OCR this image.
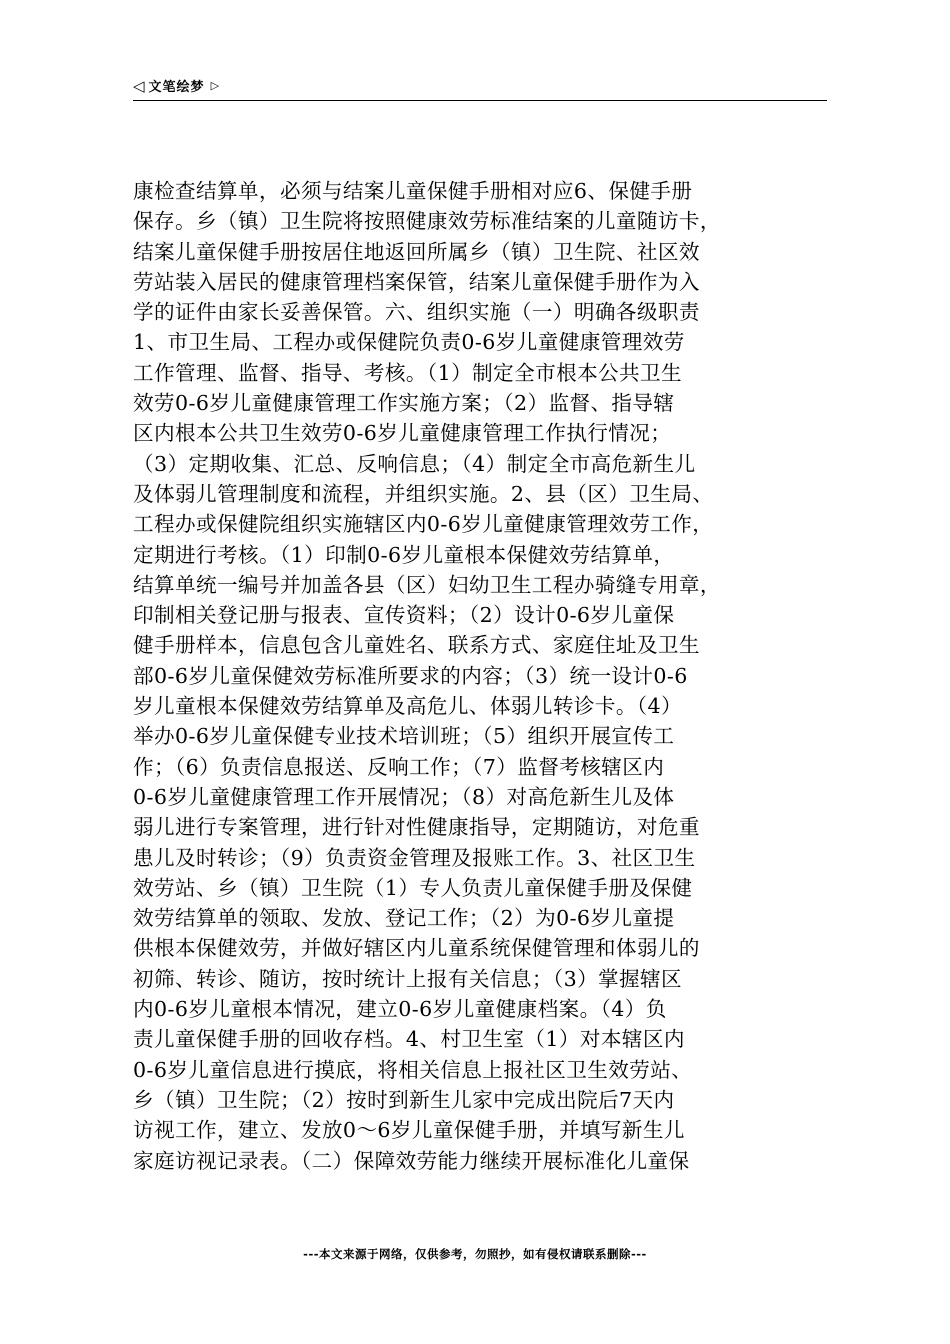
◁ 文笔绘梦 ▷
康检查结算单，必须与结案儿童保健手册相对应6、保健手册
保存。乡（镇）卫生院将按照健康效劳标准结案的儿童随访卡，
结案儿童保健手册按居住地返回所属乡（镇）卫生院、社区效
劳站装入居民的健康管理档案保管，结案儿童保健手册作为入
学的证件由家长妥善保管。六、组织实施（一）明确各级职责
1、市卫生局、工程办或保健院负责0-6岁儿童健康管理效劳
工作管理、监督、指导、考核。（1）制定全市根本公共卫生
效劳0-6岁儿童健康管理工作实施方案；（2）监督、指导辖
区内根本公共卫生效劳0-6岁儿童健康管理工作执行情况；
（3）定期收集、汇总、反响信息；（4）制定全市高危新生儿
及体弱儿管理制度和流程，并组织实施。2、县（区）卫生局、
工程办或保健院组织实施辖区内0-6岁儿童健康管理效劳工作，
定期进行考核。（1）印制0-6岁儿童根本保健效劳结算单，
结算单统一编号并加盖各县（区）妇幼卫生工程办骑缝专用章，
印制相关登记册与报表、宣传资料；（2）设计0-6岁儿童保
健手册样本，信息包含儿童姓名、联系方式、家庭住址及卫生
部0-6岁儿童保健效劳标准所要求的内容；（3）统一设计0-6
岁儿童根本保健效劳结算单及高危儿、体弱儿转诊卡。（4）
举办0-6岁儿童保健专业技术培训班；（5）组织开展宣传工
作；（6）负责信息报送、反响工作；（7）监督考核辖区内
0-6岁儿童健康管理工作开展情况；（8）对高危新生儿及体
弱儿进行专案管理，进行针对性健康指导，定期随访，对危重
患儿及时转诊；（9）负责资金管理及报账工作。3、社区卫生
效劳站、乡（镇）卫生院（1）专人负责儿童保健手册及保健
效劳结算单的领取、发放、登记工作；（2）为0-6岁儿童提
供根本保健效劳，并做好辖区内儿童系统保健管理和体弱儿的
初筛、转诊、随访，按时统计上报有关信息；（3）掌握辖区
内0-6岁儿童根本情况，建立0-6岁儿童健康档案。（4）负
责儿童保健手册的回收存档。4、村卫生室（1）对本辖区内
0-6岁儿童信息进行摸底，将相关信息上报社区卫生效劳站、
乡（镇）卫生院；（2）按时到新生儿家中完成出院后7天内
访视工作，建立、发放0～6岁儿童保健手册，并填写新生儿
家庭访视记录表。（二）保障效劳能力继续开展标准化儿童保
---本文来源于网络，仅供参考，勿照抄，如有侵权请联系删除---
